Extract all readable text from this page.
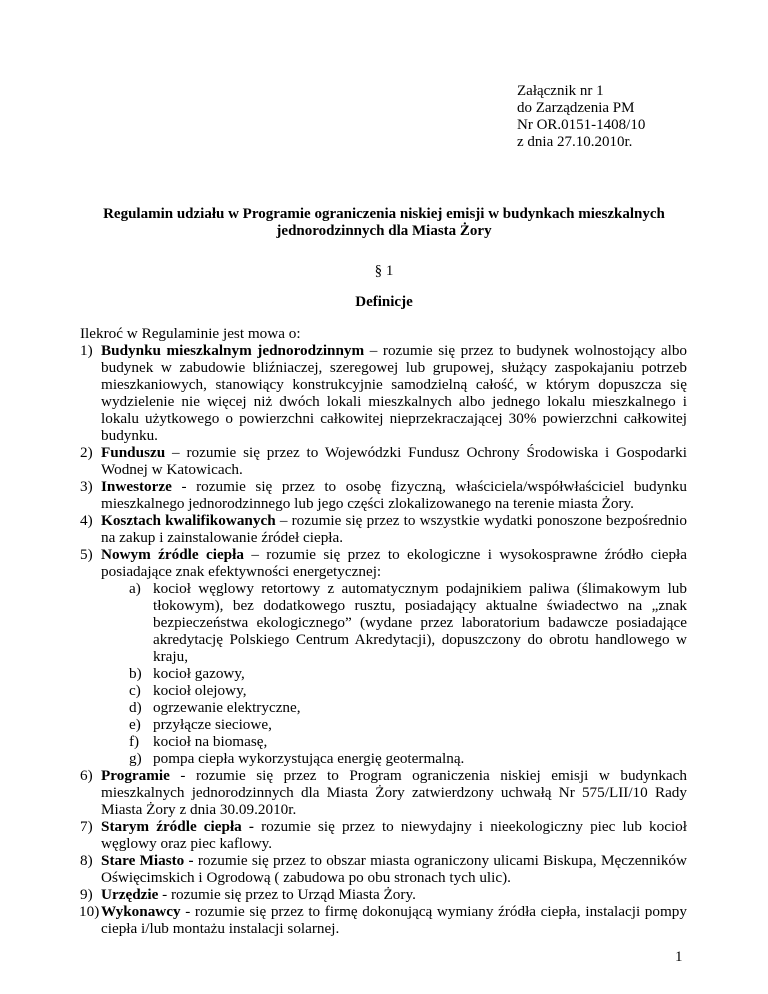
Załącznik nr 1
do Zarządzenia PM
Nr OR.0151-1408/10
z dnia 27.10.2010r.
Regulamin udziału w Programie ograniczenia niskiej emisji w budynkach mieszkalnych jednorodzinnych dla Miasta Żory
§ 1
Definicje

Ilekroć w Regulaminie jest mowa o:

1) Budynku mieszkalnym jednorodzinnym – rozumie się przez to budynek wolnostojący albo budynek w zabudowie bliźniaczej, szeregowej lub grupowej, służący zaspokajaniu potrzeb mieszkaniowych, stanowiący konstrukcyjnie samodzielną całość, w którym dopuszcza się wydzielenie nie więcej niż dwóch lokali mieszkalnych albo jednego lokalu mieszkalnego i lokalu użytkowego o powierzchni całkowitej nieprzekraczającej 30% powierzchni całkowitej budynku.
2) Funduszu – rozumie się przez to Wojewódzki Fundusz Ochrony Środowiska i Gospodarki Wodnej w Katowicach.
3) Inwestorze - rozumie się przez to osobę fizyczną, właściciela/współwłaściciel budynku mieszkalnego jednorodzinnego lub jego części zlokalizowanego na terenie miasta Żory.
4) Kosztach kwalifikowanych – rozumie się przez to wszystkie wydatki ponoszone bezpośrednio na zakup i zainstalowanie źródeł ciepła.
5) Nowym źródle ciepła – rozumie się przez to ekologiczne i wysokosprawne źródło ciepła posiadające znak efektywności energetycznej:
a) kocioł węglowy retortowy z automatycznym podajnikiem paliwa (ślimakowym lub tłokowym), bez dodatkowego rusztu, posiadający aktualne świadectwo na „znak bezpieczeństwa ekologicznego” (wydane przez laboratorium badawcze posiadające akredytację Polskiego Centrum Akredytacji), dopuszczony do obrotu handlowego w kraju,
b) kocioł gazowy,
c) kocioł olejowy,
d) ogrzewanie elektryczne,
e) przyłącze sieciowe,
f) kocioł na biomasę,
g) pompa ciepła wykorzystująca energię geotermalną.
6) Programie - rozumie się przez to Program ograniczenia niskiej emisji w budynkach mieszkalnych jednorodzinnych dla Miasta Żory zatwierdzony uchwałą Nr 575/LII/10 Rady Miasta Żory z dnia 30.09.2010r.
7) Starym źródle ciepła - rozumie się przez to niewydajny i nieekologiczny piec lub kocioł węglowy oraz piec kaflowy.
8) Stare Miasto - rozumie się przez to obszar miasta ograniczony ulicami Biskupa, Męczenników Oświęcimskich i Ogrodową ( zabudowa po obu stronach tych ulic).
9) Urzędzie - rozumie się przez to Urząd Miasta Żory.
10) Wykonawcy - rozumie się przez to firmę dokonującą wymiany źródła ciepła, instalacji pompy ciepła i/lub montażu instalacji solarnej.
1
